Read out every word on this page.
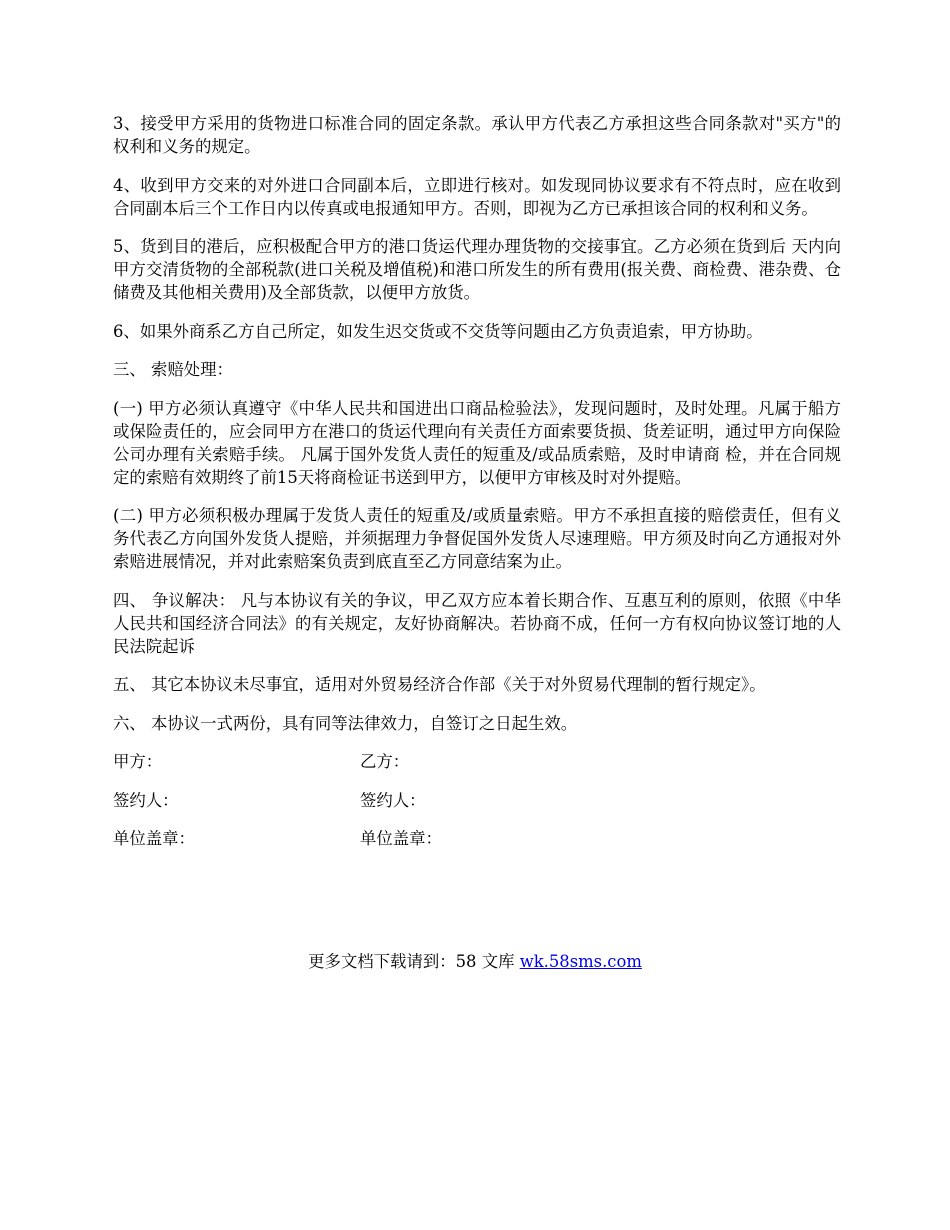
3、接受甲方采用的货物进口标准合同的固定条款。承认甲方代表乙方承担这些合同条款对"买方"的权利和义务的规定。

4、收到甲方交来的对外进口合同副本后，立即进行核对。如发现同协议要求有不符点时，应在收到合同副本后三个工作日内以传真或电报通知甲方。否则，即视为乙方已承担该合同的权利和义务。

5、货到目的港后，应积极配合甲方的港口货运代理办理货物的交接事宜。乙方必须在货到后 天内向甲方交清货物的全部税款(进口关税及增值税)和港口所发生的所有费用(报关费、商检费、港杂费、仓储费及其他相关费用)及全部货款，以便甲方放货。

6、如果外商系乙方自己所定，如发生迟交货或不交货等问题由乙方负责追索，甲方协助。

三、 索赔处理：

(一) 甲方必须认真遵守《中华人民共和国进出口商品检验法》，发现问题时，及时处理。凡属于船方或保险责任的，应会同甲方在港口的货运代理向有关责任方面索要货损、货差证明，通过甲方向保险公司办理有关索赔手续。 凡属于国外发货人责任的短重及/或品质索赔，及时申请商 检，并在合同规定的索赔有效期终了前15天将商检证书送到甲方，以便甲方审核及时对外提赔。

(二) 甲方必须积极办理属于发货人责任的短重及/或质量索赔。甲方不承担直接的赔偿责任，但有义务代表乙方向国外发货人提赔，并须据理力争督促国外发货人尽速理赔。甲方须及时向乙方通报对外索赔进展情况，并对此索赔案负责到底直至乙方同意结案为止。

四、 争议解决： 凡与本协议有关的争议，甲乙双方应本着长期合作、互惠互利的原则，依照《中华人民共和国经济合同法》的有关规定，友好协商解决。若协商不成，任何一方有权向协议签订地的人民法院起诉

五、 其它本协议未尽事宜，适用对外贸易经济合作部《关于对外贸易代理制的暂行规定》。

六、 本协议一式两份，具有同等法律效力，自签订之日起生效。

甲方：	乙方：
签约人：	签约人：
单位盖章：	单位盖章：
更多文档下载请到：58 文库 wk.58sms.com
